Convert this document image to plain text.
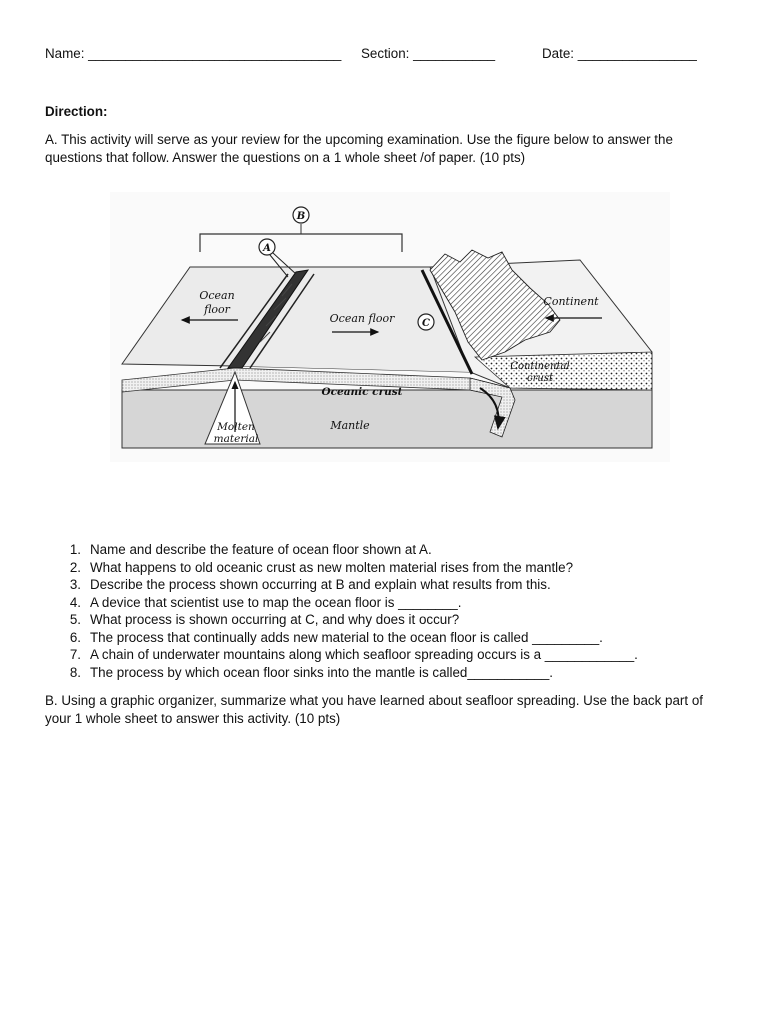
Name: __________________________________ Section: ___________	Date: ________________
Direction:
A. This activity will serve as your review for the upcoming examination. Use the figure below to answer the questions that follow. Answer the questions on a 1 whole sheet /of paper. (10 pts)
B
A
C
Ocean
floor
Ocean floor
Continent
Continental
crust
Oceanic crust
Molten
material
Mantle
1. Name and describe the feature of ocean floor shown at A.
2. What happens to old oceanic crust as new molten material rises from the mantle?
3. Describe the process shown occurring at B and explain what results from this.
4. A device that scientist use to map the ocean floor is ________.
5. What process is shown occurring at C, and why does it occur?
6. The process that continually adds new material to the ocean floor is called _________.
7. A chain of underwater mountains along which seafloor spreading occurs is a ____________.
8. The process by which ocean floor sinks into the mantle is called___________.
B. Using a graphic organizer, summarize what you have learned about seafloor spreading. Use the back part of your 1 whole sheet to answer this activity. (10 pts)
